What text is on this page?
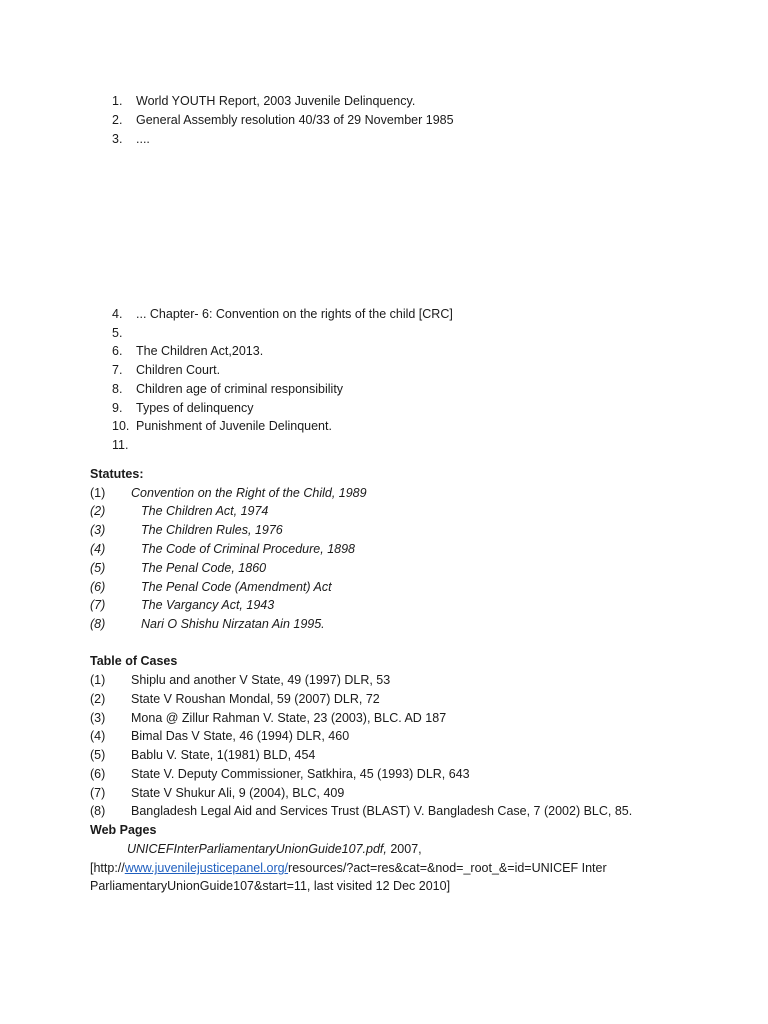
1. World YOUTH Report, 2003 Juvenile Delinquency.
2. General Assembly resolution 40/33 of 29 November 1985
3. ....
4. ... Chapter- 6: Convention on the rights of the child [CRC]
5.
6. The Children Act,2013.
7. Children Court.
8. Children age of criminal responsibility
9. Types of delinquency
10. Punishment of Juvenile Delinquent.
11.
Statutes:
(1) Convention on the Right of the Child, 1989
(2)	The Children Act, 1974
(3)	The Children Rules, 1976
(4)	The Code of Criminal Procedure, 1898
(5)	The Penal Code, 1860
(6)	The Penal Code (Amendment) Act
(7)	The Vargancy Act, 1943
(8)	Nari O Shishu Nirzatan Ain 1995.
Table of Cases
(1) Shiplu and another V State, 49 (1997) DLR, 53
(2) State V Roushan Mondal, 59 (2007) DLR, 72
(3) Mona @ Zillur Rahman V. State, 23 (2003), BLC. AD 187
(4) Bimal Das V State, 46 (1994) DLR, 460
(5) Bablu V. State, 1(1981) BLD, 454
(6) State V. Deputy Commissioner, Satkhira, 45 (1993) DLR, 643
(7) State V Shukur Ali, 9 (2004), BLC, 409
(8) Bangladesh Legal Aid and Services Trust (BLAST) V. Bangladesh Case, 7 (2002) BLC, 85.
Web Pages
UNICEFInterParliamentaryUnionGuide107.pdf, 2007,
[http://www.juvenilejusticepanel.org/resources/?act=res&cat=&nod=_root_&=id=UNICEF Inter
ParliamentaryUnionGuide107&start=11, last visited 12 Dec 2010]
